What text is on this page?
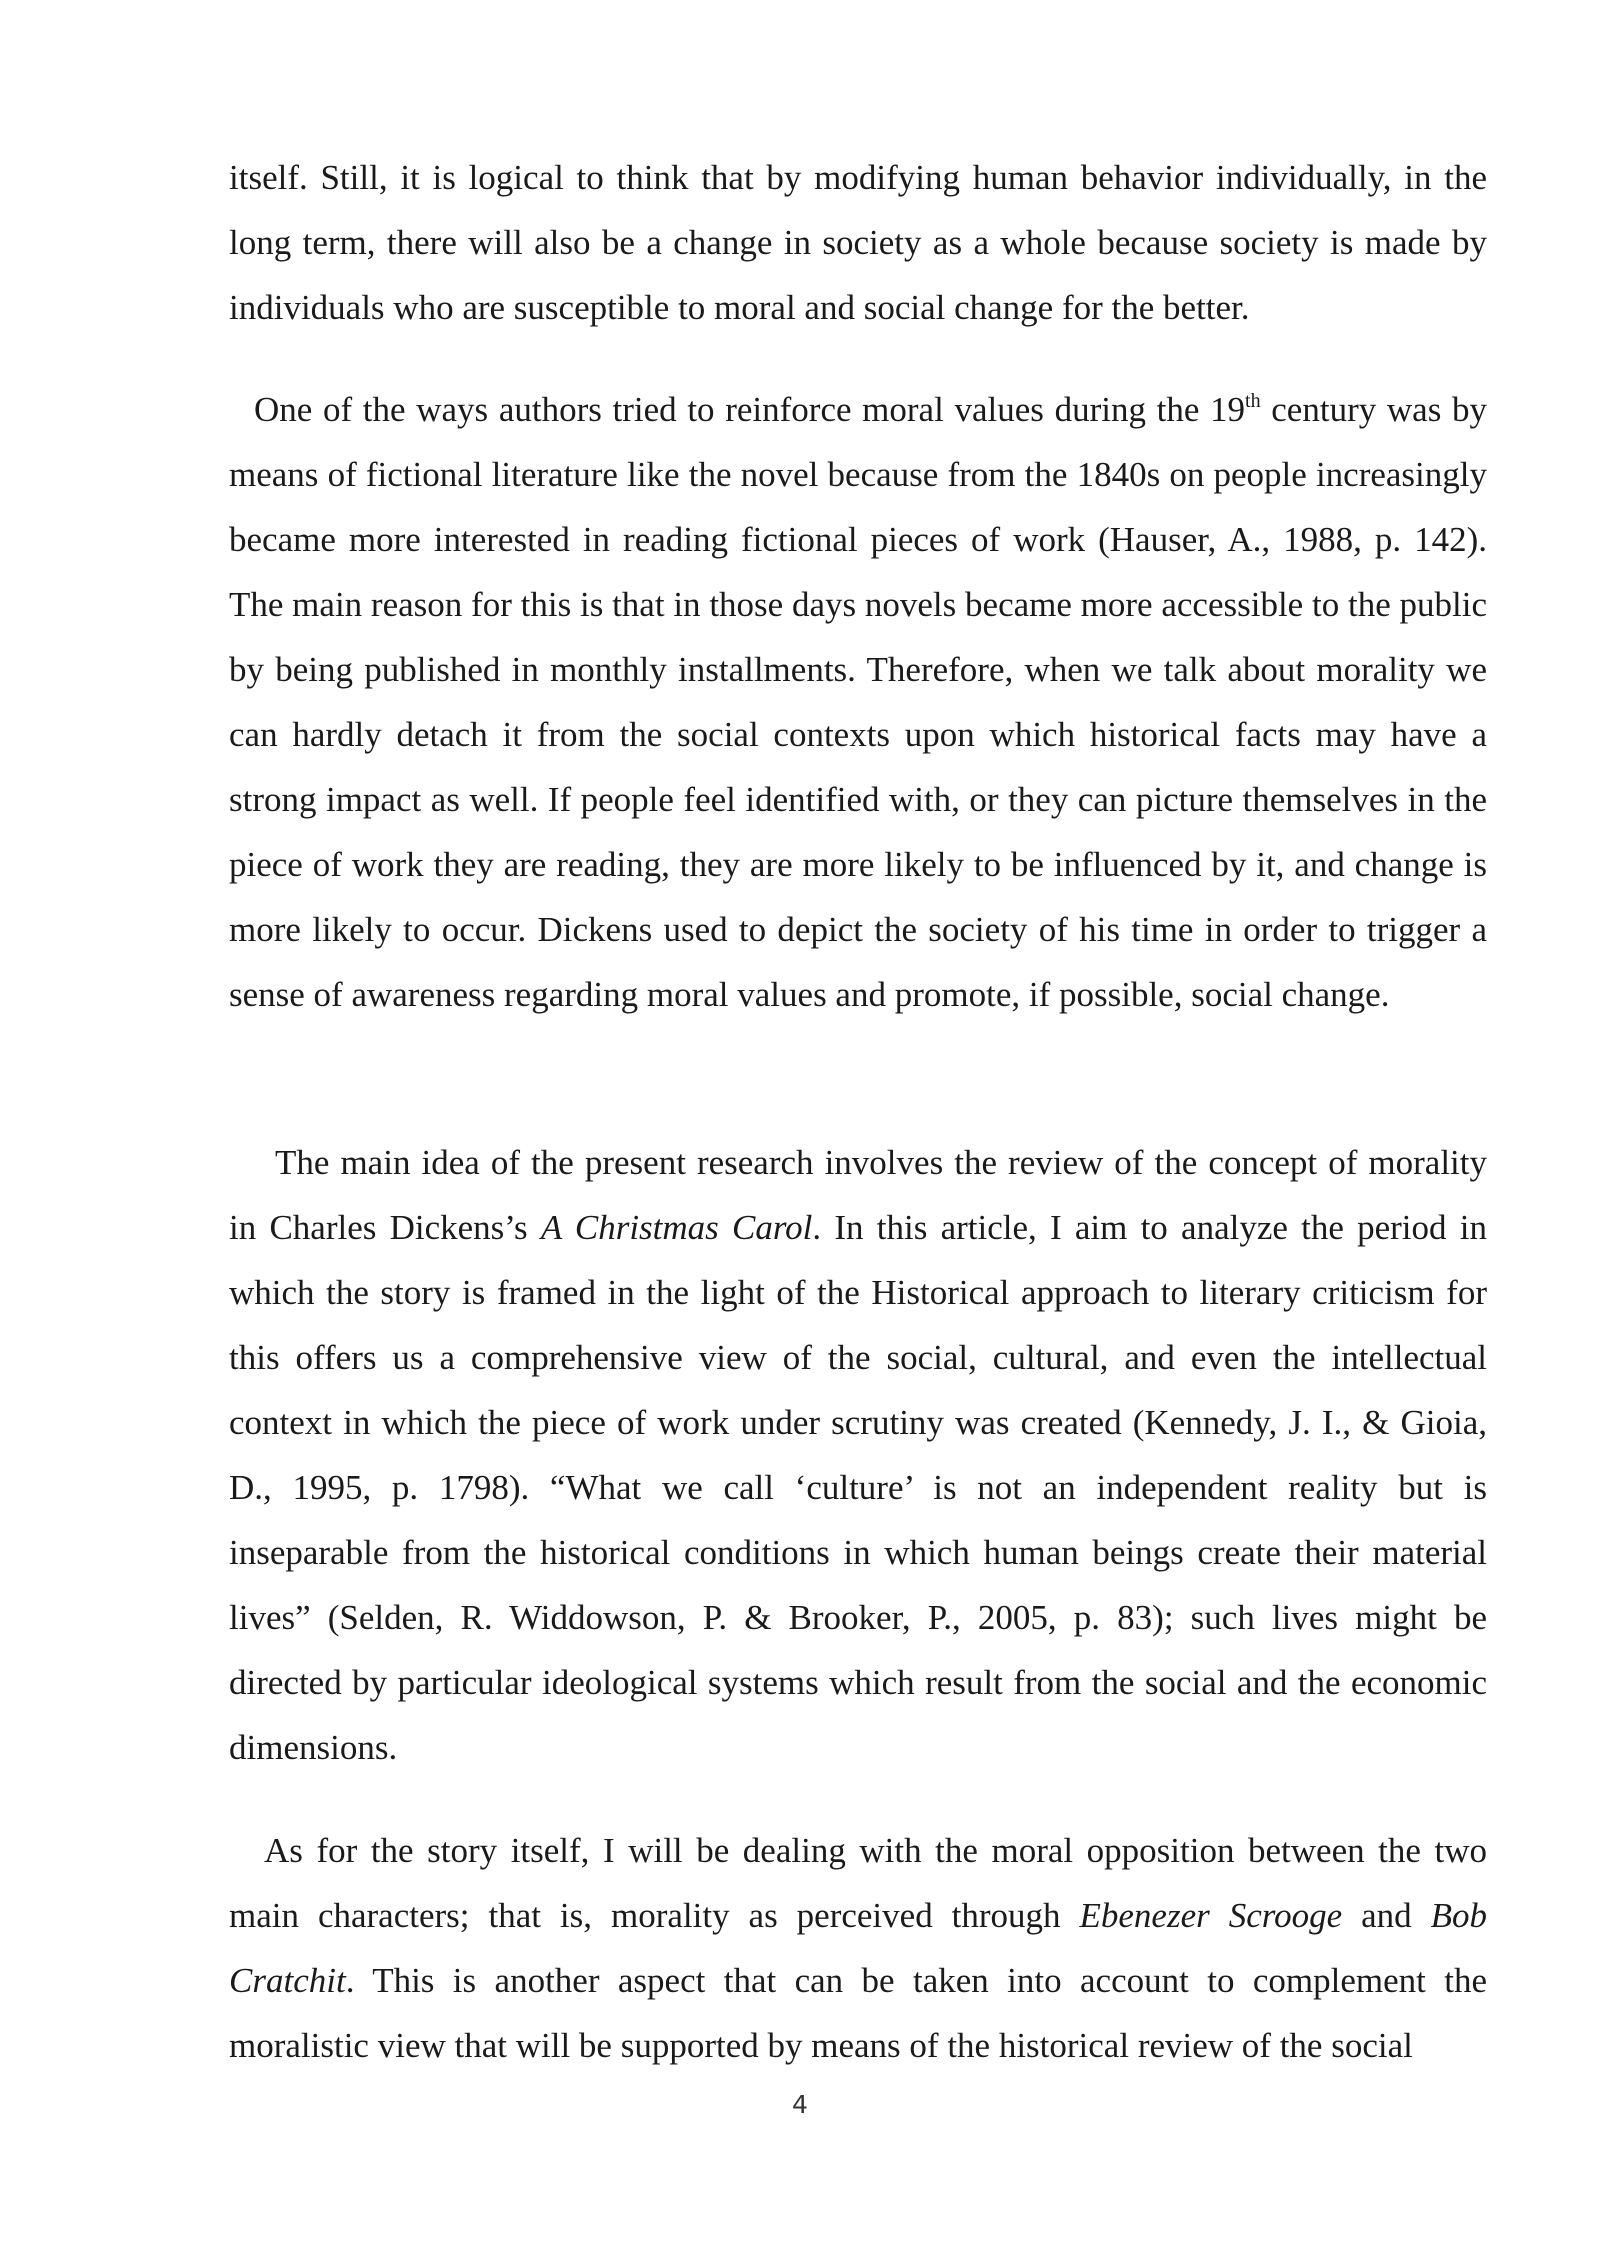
itself. Still, it is logical to think that by modifying human behavior individually, in the long term, there will also be a change in society as a whole because society is made by individuals who are susceptible to moral and social change for the better.

One of the ways authors tried to reinforce moral values during the 19th century was by means of fictional literature like the novel because from the 1840s on people increasingly became more interested in reading fictional pieces of work (Hauser, A., 1988, p. 142). The main reason for this is that in those days novels became more accessible to the public by being published in monthly installments. Therefore, when we talk about morality we can hardly detach it from the social contexts upon which historical facts may have a strong impact as well. If people feel identified with, or they can picture themselves in the piece of work they are reading, they are more likely to be influenced by it, and change is more likely to occur. Dickens used to depict the society of his time in order to trigger a sense of awareness regarding moral values and promote, if possible, social change.

The main idea of the present research involves the review of the concept of morality in Charles Dickens’s A Christmas Carol. In this article, I aim to analyze the period in which the story is framed in the light of the Historical approach to literary criticism for this offers us a comprehensive view of the social, cultural, and even the intellectual context in which the piece of work under scrutiny was created (Kennedy, J. I., & Gioia, D., 1995, p. 1798). “What we call ‘culture’ is not an independent reality but is inseparable from the historical conditions in which human beings create their material lives” (Selden, R. Widdowson, P. & Brooker, P., 2005, p. 83); such lives might be directed by particular ideological systems which result from the social and the economic dimensions.

As for the story itself, I will be dealing with the moral opposition between the two main characters; that is, morality as perceived through Ebenezer Scrooge and Bob Cratchit. This is another aspect that can be taken into account to complement the moralistic view that will be supported by means of the historical review of the social

4
